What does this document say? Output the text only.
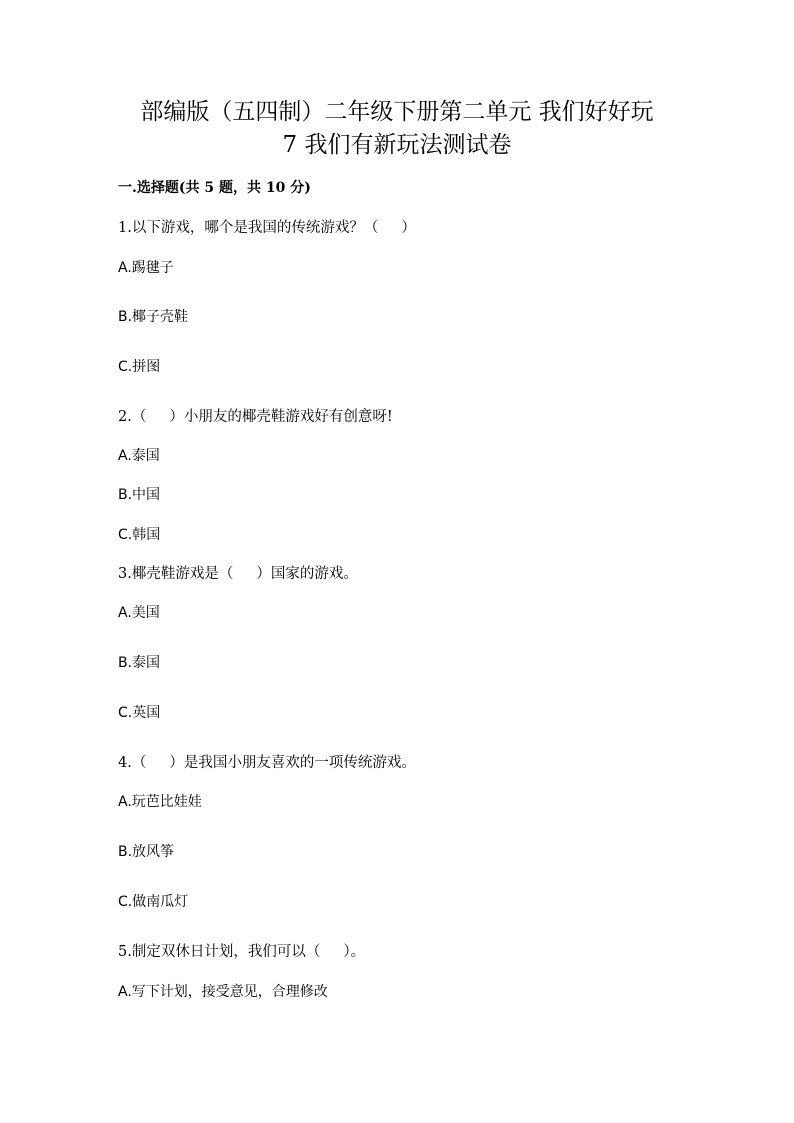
部编版（五四制）二年级下册第二单元 我们好好玩
7 我们有新玩法测试卷
一.选择题(共 5 题，共 10 分)
1.以下游戏，哪个是我国的传统游戏？（     ）
A.踢毽子
B.椰子壳鞋
C.拼图
2.（     ）小朋友的椰壳鞋游戏好有创意呀!
A.泰国
B.中国
C.韩国
3.椰壳鞋游戏是（     ）国家的游戏。
A.美国
B.泰国
C.英国
4.（     ）是我国小朋友喜欢的一项传统游戏。
A.玩芭比娃娃
B.放风筝
C.做南瓜灯
5.制定双休日计划，我们可以（     ）。
A.写下计划，接受意见，合理修改
